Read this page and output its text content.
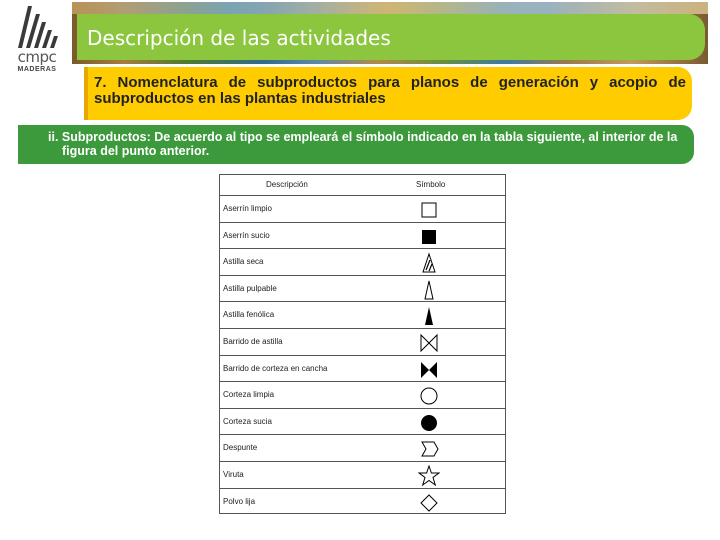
cmpc
MADERAS
Descripción de las actividades
7. Nomenclatura de subproductos para planos de generación y acopio de subproductos en las plantas industriales
ii. Subproductos: De acuerdo al tipo se empleará el símbolo indicado en la tabla siguiente, al interior de la figura del punto anterior.
Descripción	Símbolo
Aserrín limpio
Aserrín sucio
Astilla seca
Astilla pulpable
Astilla fenólica
Barrido de astilla
Barrido de corteza en cancha
Corteza limpia
Corteza sucia
Despunte
Viruta
Polvo lija
